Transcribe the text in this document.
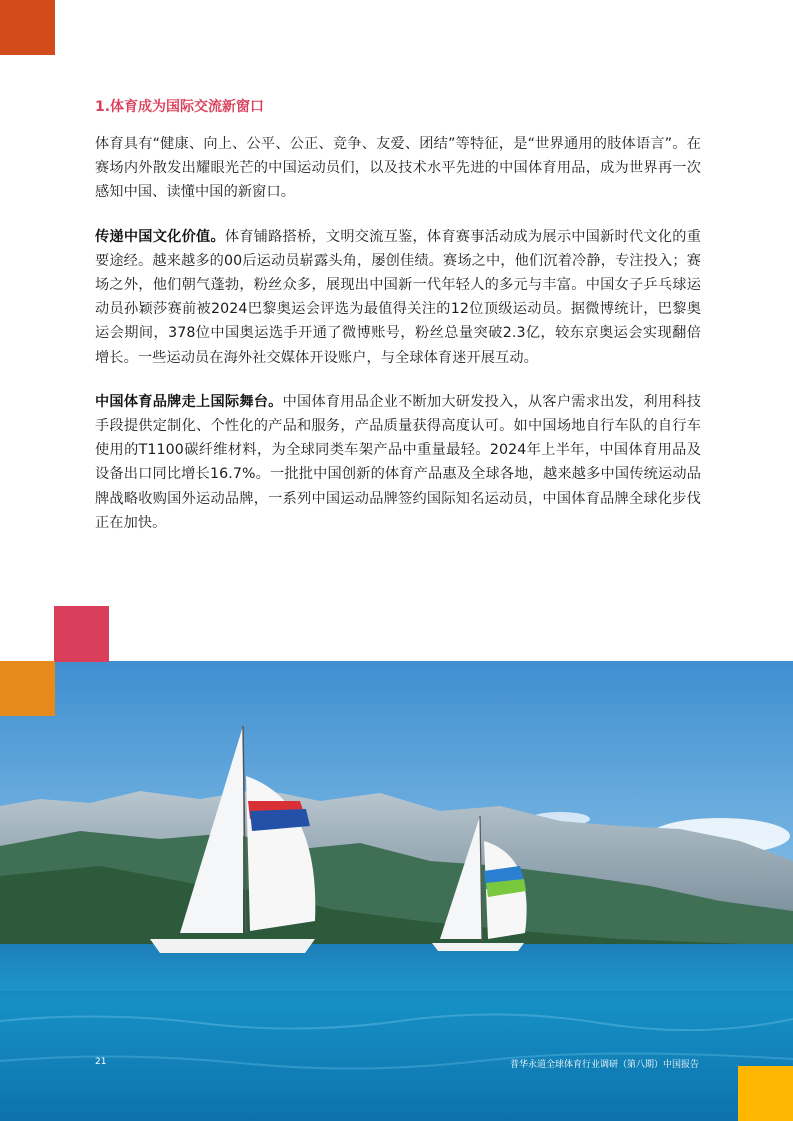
1.体育成为国际交流新窗口

体育具有“健康、向上、公平、公正、竞争、友爱、团结”等特征，是“世界通用的肢体语言”。在赛场内外散发出耀眼光芒的中国运动员们，以及技术水平先进的中国体育用品，成为世界再一次感知中国、读懂中国的新窗口。

传递中国文化价值。体育铺路搭桥，文明交流互鉴，体育赛事活动成为展示中国新时代文化的重要途经。越来越多的00后运动员崭露头角，屡创佳绩。赛场之中，他们沉着冷静，专注投入；赛场之外，他们朝气蓬勃，粉丝众多，展现出中国新一代年轻人的多元与丰富。中国女子乒乓球运动员孙颖莎赛前被2024巴黎奥运会评选为最值得关注的12位顶级运动员。据微博统计，巴黎奥运会期间，378位中国奥运选手开通了微博账号，粉丝总量突破2.3亿，较东京奥运会实现翻倍增长。一些运动员在海外社交媒体开设账户，与全球体育迷开展互动。

中国体育品牌走上国际舞台。中国体育用品企业不断加大研发投入，从客户需求出发，利用科技手段提供定制化、个性化的产品和服务，产品质量获得高度认可。如中国场地自行车队的自行车使用的T1100碳纤维材料，为全球同类车架产品中重量最轻。2024年上半年，中国体育用品及设备出口同比增长16.7%。一批批中国创新的体育产品惠及全球各地，越来越多中国传统运动品牌战略收购国外运动品牌，一系列中国运动品牌签约国际知名运动员，中国体育品牌全球化步伐正在加快。

21	普华永道全球体育行业调研（第八期）中国报告
